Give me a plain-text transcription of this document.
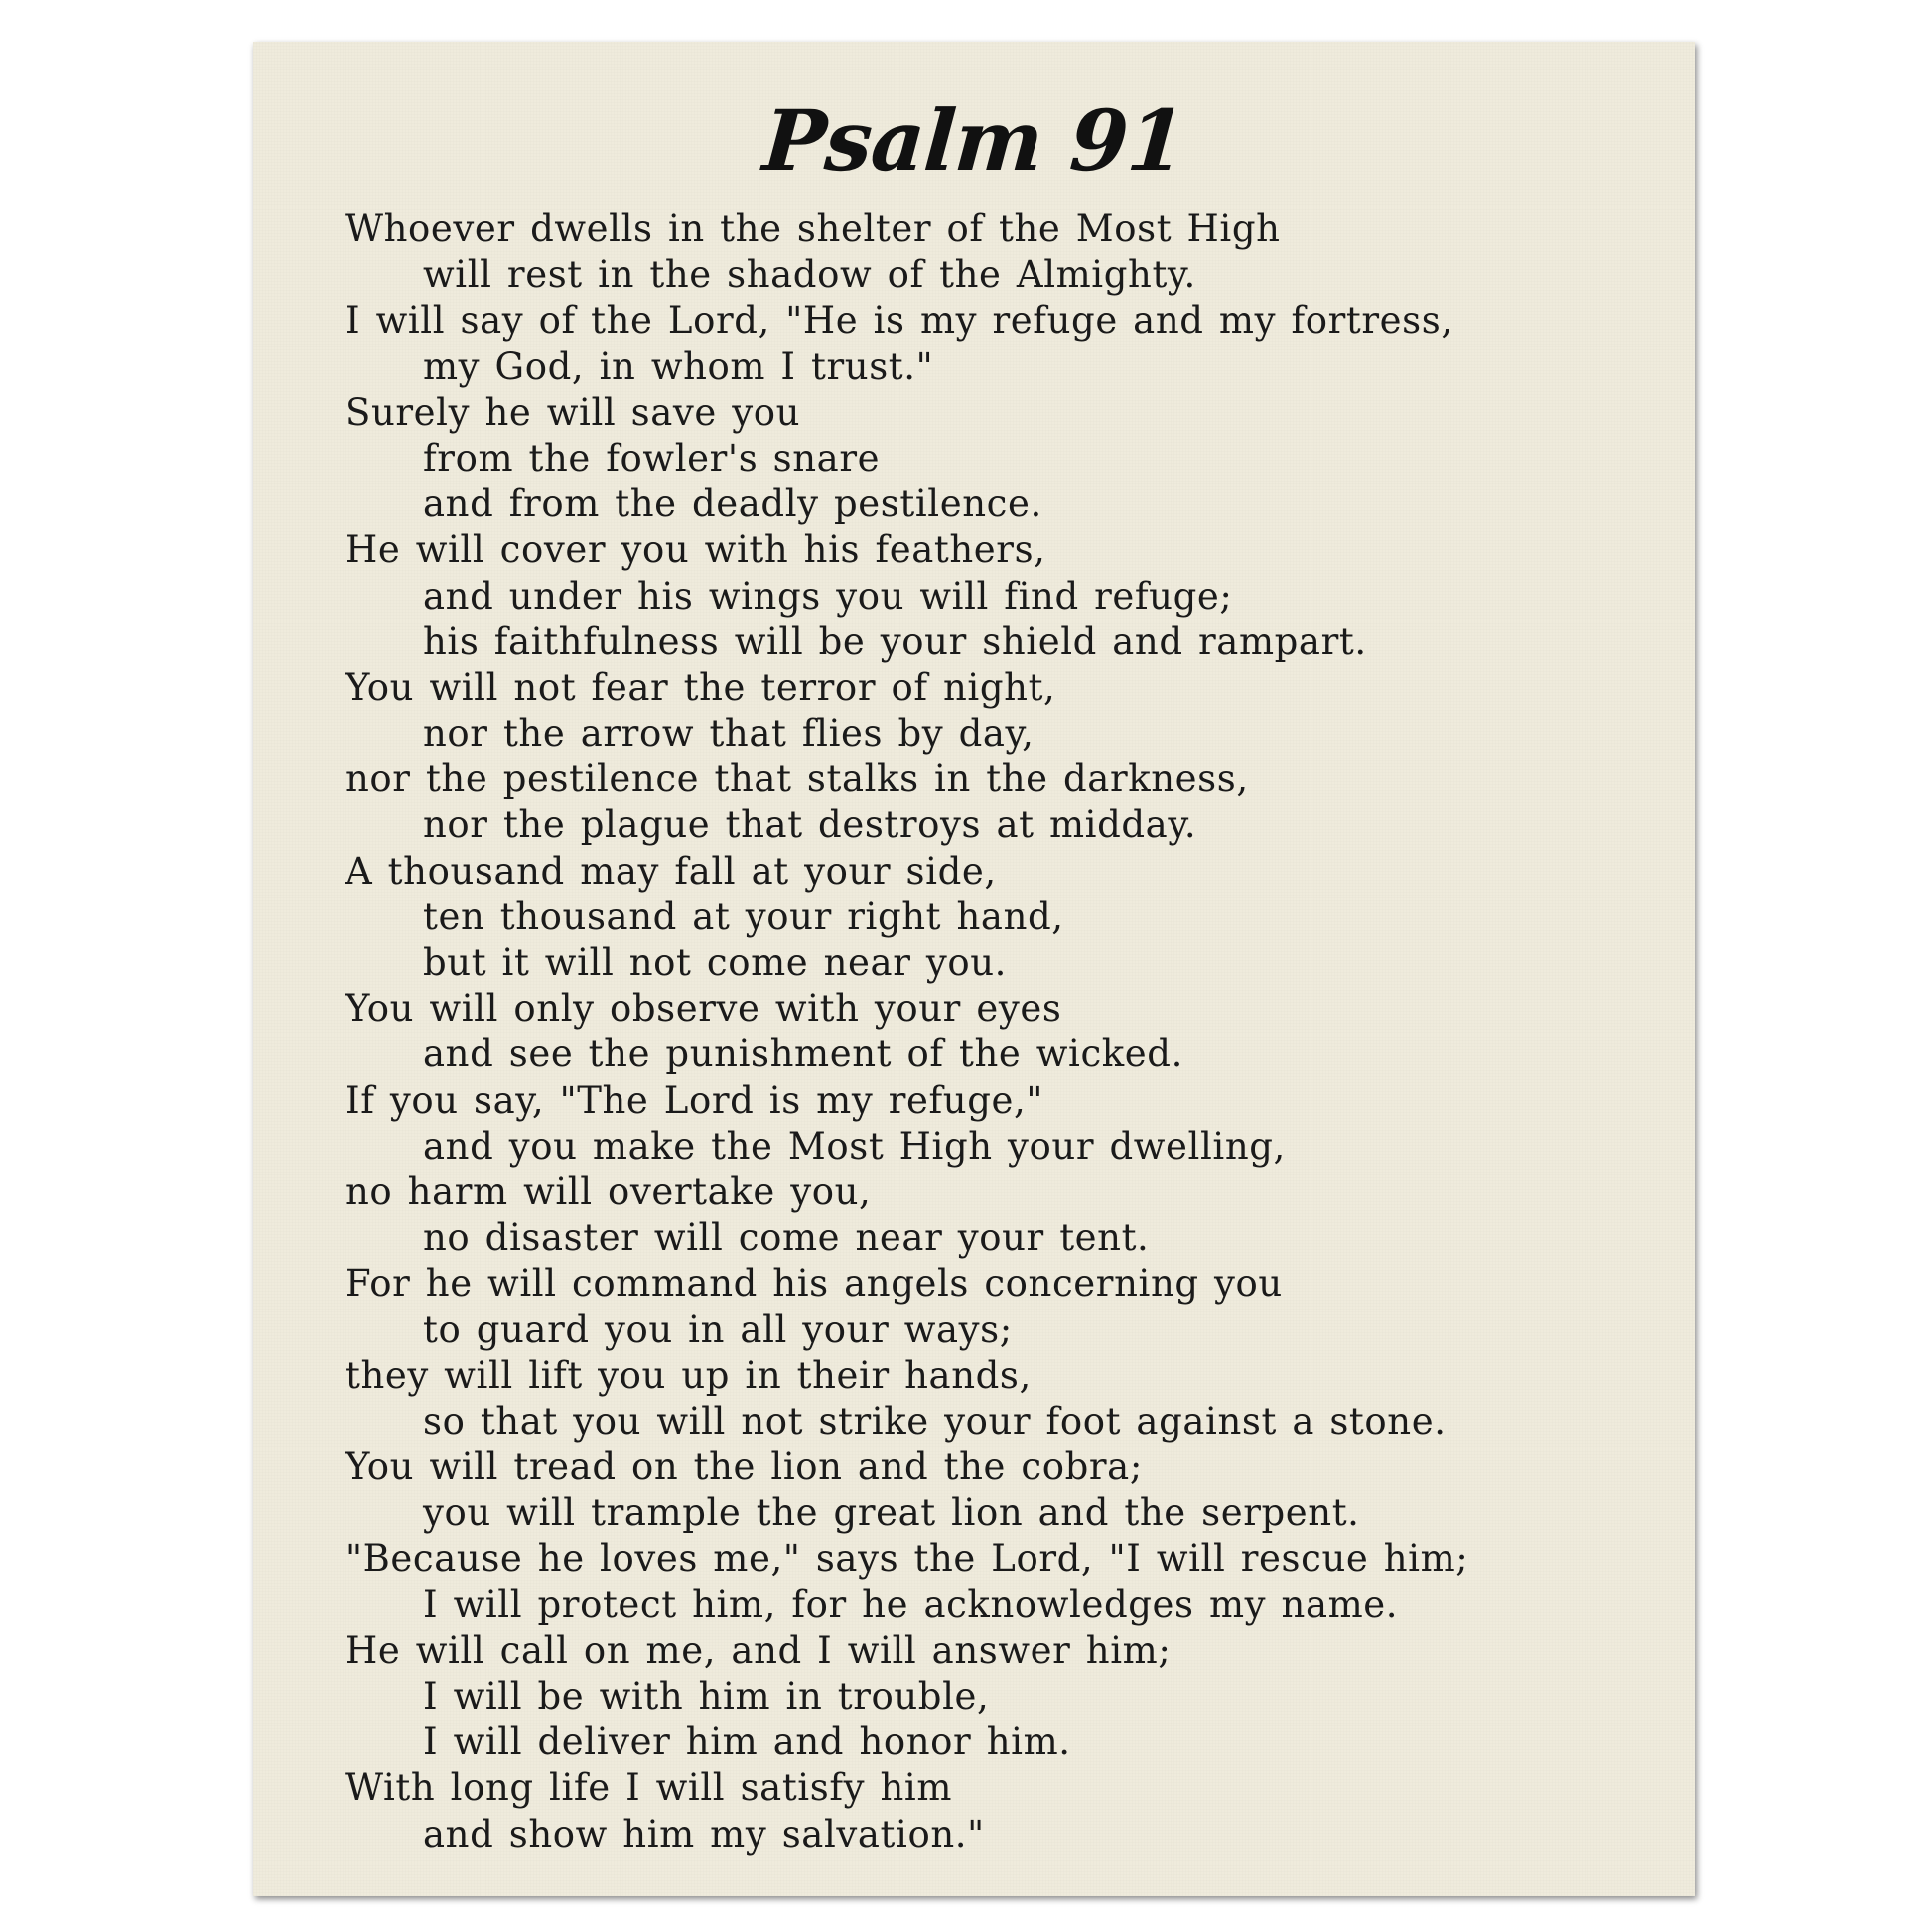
Psalm 91
Whoever dwells in the shelter of the Most High
will rest in the shadow of the Almighty.
I will say of the Lord, "He is my refuge and my fortress,
my God, in whom I trust."
Surely he will save you
from the fowler's snare
and from the deadly pestilence.
He will cover you with his feathers,
and under his wings you will find refuge;
his faithfulness will be your shield and rampart.
You will not fear the terror of night,
nor the arrow that flies by day,
nor the pestilence that stalks in the darkness,
nor the plague that destroys at midday.
A thousand may fall at your side,
ten thousand at your right hand,
but it will not come near you.
You will only observe with your eyes
and see the punishment of the wicked.
If you say, "The Lord is my refuge,"
and you make the Most High your dwelling,
no harm will overtake you,
no disaster will come near your tent.
For he will command his angels concerning you
to guard you in all your ways;
they will lift you up in their hands,
so that you will not strike your foot against a stone.
You will tread on the lion and the cobra;
you will trample the great lion and the serpent.
"Because he loves me," says the Lord, "I will rescue him;
I will protect him, for he acknowledges my name.
He will call on me, and I will answer him;
I will be with him in trouble,
I will deliver him and honor him.
With long life I will satisfy him
and show him my salvation."
